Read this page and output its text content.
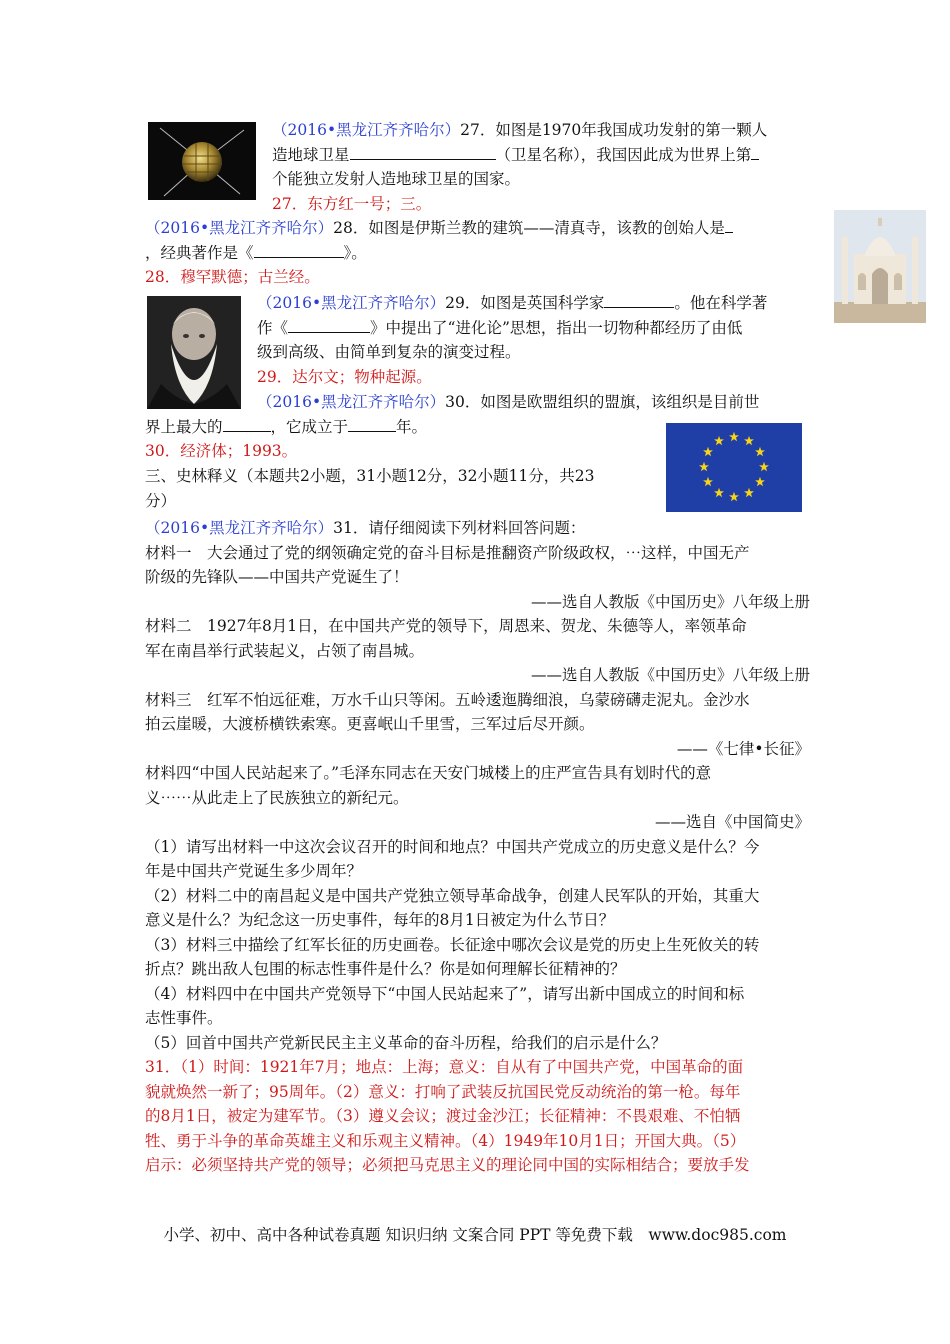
（2016•黑龙江齐齐哈尔）27．如图是1970年我国成功发射的第一颗人

造地球卫星	（卫星名称），我国因此成为世界上第

个能独立发射人造地球卫星的国家。

27．东方红一号；三。

（2016•黑龙江齐齐哈尔）28．如图是伊斯兰教的建筑——清真寺，该教的创始人是

，经典著作是《	》。

28．穆罕默德；古兰经。

（2016•黑龙江齐齐哈尔）29．如图是英国科学家	。他在科学著

作《	》中提出了“进化论”思想，指出一切物种都经历了由低

级到高级、由简单到复杂的演变过程。

29．达尔文；物种起源。

（2016•黑龙江齐齐哈尔）30．如图是欧盟组织的盟旗，该组织是目前世

界上最大的	，它成立于	年。

30．经济体；1993。

三、史林释义（本题共2小题，31小题12分，32小题11分，共23

分）

（2016•黑龙江齐齐哈尔）31．请仔细阅读下列材料回答问题：

材料一　大会通过了党的纲领确定党的奋斗目标是推翻资产阶级政权，⋯这样，中国无产

阶级的先锋队——中国共产党诞生了！

——选自人教版《中国历史》八年级上册

材料二　1927年8月1日，在中国共产党的领导下，周恩来、贺龙、朱德等人，率领革命

军在南昌举行武装起义，占领了南昌城。

——选自人教版《中国历史》八年级上册

材料三　红军不怕远征难，万水千山只等闲。五岭逶迤腾细浪，乌蒙磅礴走泥丸。金沙水

拍云崖暖，大渡桥横铁索寒。更喜岷山千里雪，三军过后尽开颜。

——《七律•长征》

材料四“中国人民站起来了。”毛泽东同志在天安门城楼上的庄严宣告具有划时代的意

义⋯⋯从此走上了民族独立的新纪元。

——选自《中国简史》

（1）请写出材料一中这次会议召开的时间和地点？中国共产党成立的历史意义是什么？今

年是中国共产党诞生多少周年？

（2）材料二中的南昌起义是中国共产党独立领导革命战争，创建人民军队的开始，其重大

意义是什么？为纪念这一历史事件，每年的8月1日被定为什么节日？

（3）材料三中描绘了红军长征的历史画卷。长征途中哪次会议是党的历史上生死攸关的转

折点？跳出敌人包围的标志性事件是什么？你是如何理解长征精神的？

（4）材料四中在中国共产党领导下“中国人民站起来了”，请写出新中国成立的时间和标

志性事件。

（5）回首中国共产党新民民主主义革命的奋斗历程，给我们的启示是什么？

31．（1）时间：1921年7月；地点：上海；意义：自从有了中国共产党，中国革命的面

貌就焕然一新了；95周年。（2）意义：打响了武装反抗国民党反动统治的第一枪。每年

的8月1日，被定为建军节。（3）遵义会议；渡过金沙江；长征精神：不畏艰难、不怕牺

牲、勇于斗争的革命英雄主义和乐观主义精神。（4）1949年10月1日；开国大典。（5）

启示：必须坚持共产党的领导；必须把马克思主义的理论同中国的实际相结合；要放手发

小学、初中、高中各种试卷真题 知识归纳 文案合同 PPT 等免费下载　www.doc985.com
